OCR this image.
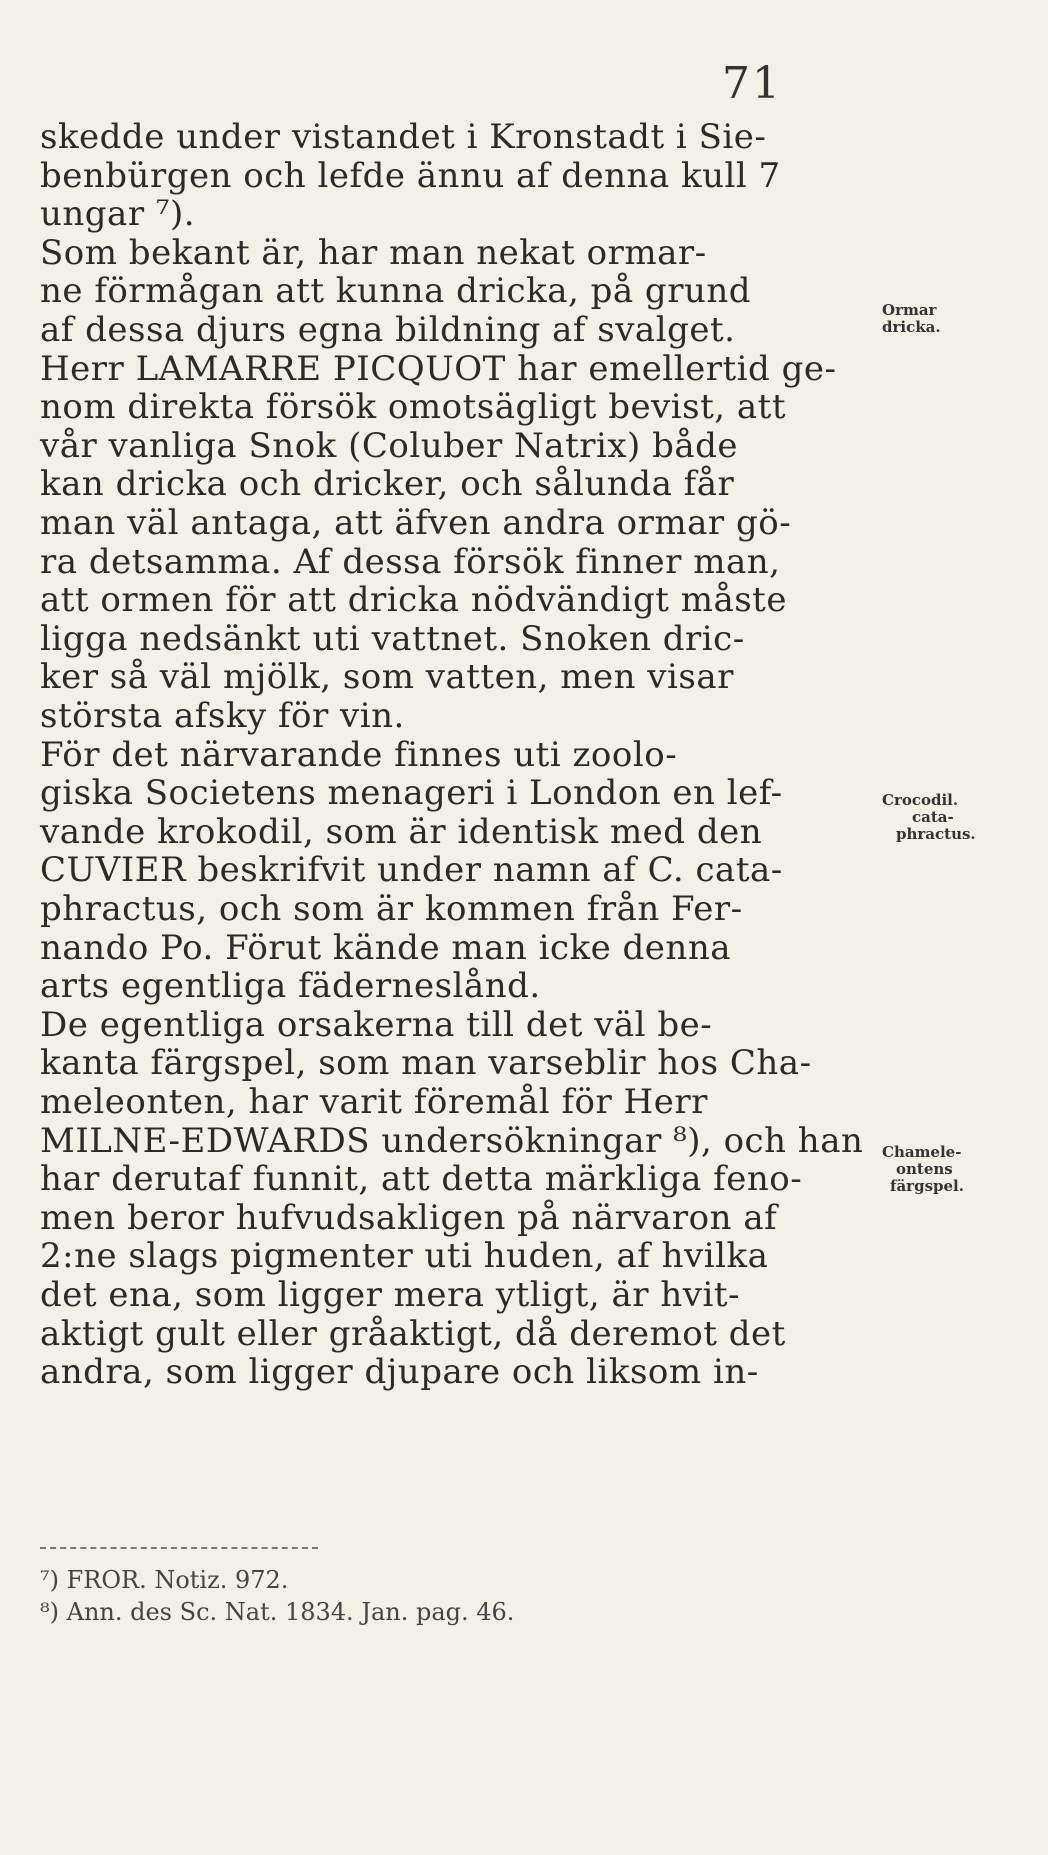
71
skedde under vistandet i Kronstadt i Sie-
benbürgen och lefde ännu af denna kull 7
ungar ⁷).
Som bekant är, har man nekat ormar-
ne förmågan att kunna dricka, på grund
af dessa djurs egna bildning af svalget.
Herr LAMARRE PICQUOT har emellertid ge-
nom direkta försök omotsägligt bevist, att
vår vanliga Snok (Coluber Natrix) både
kan dricka och dricker, och sålunda får
man väl antaga, att äfven andra ormar gö-
ra detsamma. Af dessa försök finner man,
att ormen för att dricka nödvändigt måste
ligga nedsänkt uti vattnet. Snoken dric-
ker så väl mjölk, som vatten, men visar
största afsky för vin.
För det närvarande finnes uti zoolo-
giska Societens menageri i London en lef-
vande krokodil, som är identisk med den
CUVIER beskrifvit under namn af C. cata-
phractus, och som är kommen från Fer-
nando Po. Förut kände man icke denna
arts egentliga fäderneslånd.
De egentliga orsakerna till det väl be-
kanta färgspel, som man varseblir hos Cha-
meleonten, har varit föremål för Herr
MILNE-EDWARDS undersökningar ⁸), och han
har derutaf funnit, att detta märkliga feno-
men beror hufvudsakligen på närvaron af
2:ne slags pigmenter uti huden, af hvilka
det ena, som ligger mera ytligt, är hvit-
aktigt gult eller gråaktigt, då deremot det
andra, som ligger djupare och liksom in-
Ormar
dricka.
Crocodil.
cata-
phractus.
Chamele-
ontens
färgspel.
⁷) FROR. Notiz. 972.
⁸) Ann. des Sc. Nat. 1834. Jan. pag. 46.
